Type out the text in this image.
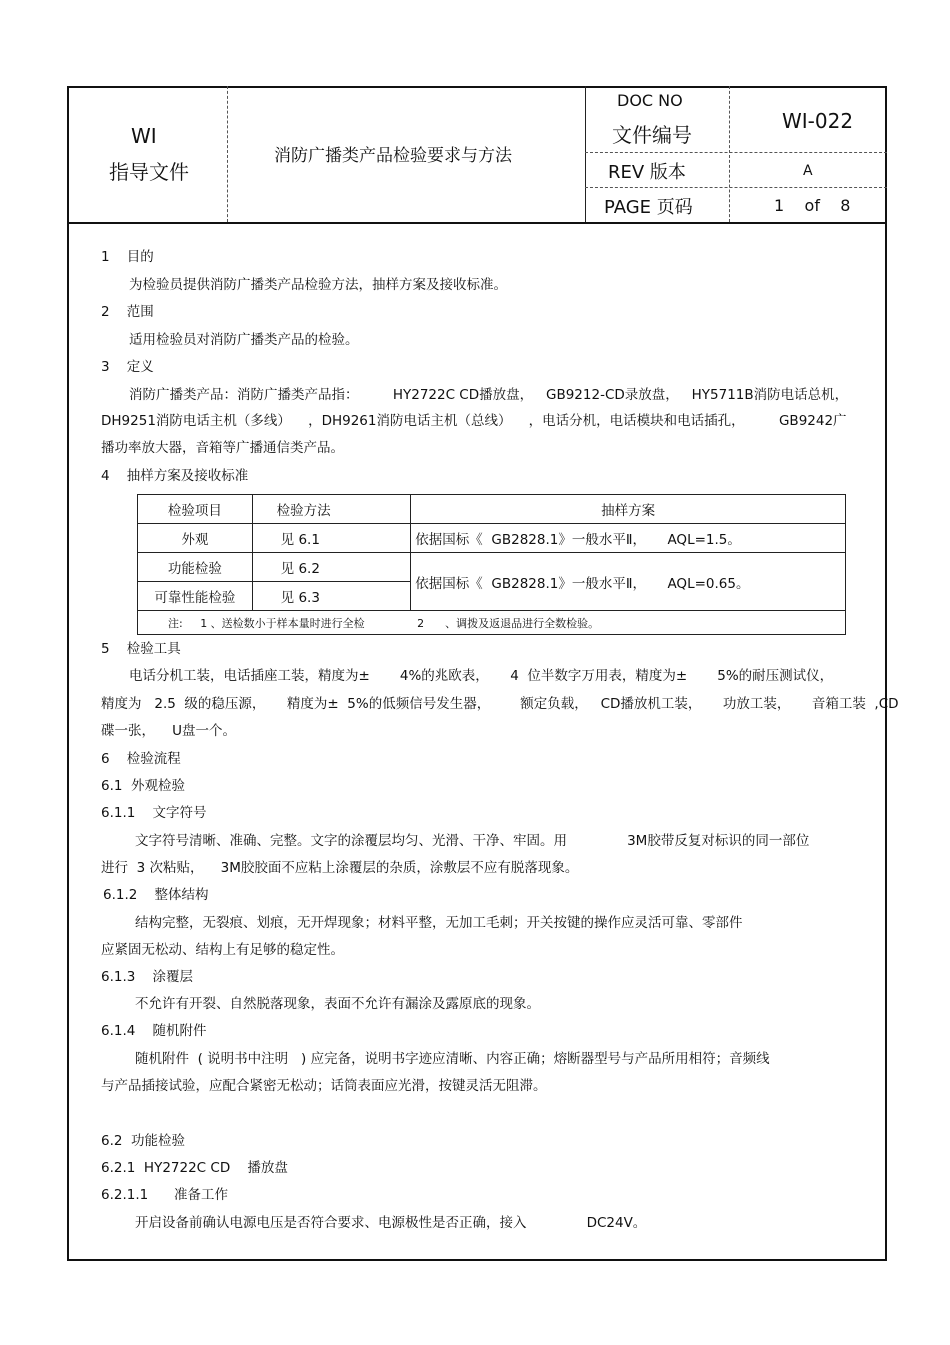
WI
指导文件
消防广播类产品检验要求与方法
DOC NO
文件编号
WI-022
REV 版本	A
PAGE 页码	1    of    8
1    目的
为检验员提供消防广播类产品检验方法，抽样方案及接收标准。
2    范围
适用检验员对消防广播类产品的检验。
3    定义
消防广播类产品：消防广播类产品指：        HY2722C CD播放盘，   GB9212-CD录放盘，   HY5711B消防电话总机，
DH9251消防电话主机（多线）    ，DH9261消防电话主机（总线）    ，电话分机，电话模块和电话插孔，        GB9242广
播功率放大器，音箱等广播通信类产品。
4    抽样方案及接收标准
检验项目	检验方法	抽样方案
外观	见 6.1	依据国标《  GB2828.1》一般水平Ⅱ，     AQL=1.5。
功能检验	见 6.2	依据国标《  GB2828.1》一般水平Ⅱ，     AQL=0.65。
可靠性能检验	见 6.3	
注:     1 、送检数小于样本量时进行全检               2      、调拨及返退品进行全数检验。		
5    检验工具
电话分机工装，电话插座工装，精度为±       4%的兆欧表，     4  位半数字万用表，精度为±       5%的耐压测试仪，
精度为   2.5  级的稳压源，     精度为±  5%的低频信号发生器，       额定负载，   CD播放机工装，     功放工装，     音箱工装  ,CD
碟一张，    U盘一个。
6    检验流程
6.1  外观检验
6.1.1    文字符号
文字符号清晰、准确、完整。文字的涂覆层均匀、光滑、干净、牢固。用              3M胶带反复对标识的同一部位
进行  3 次粘贴，    3M胶胶面不应粘上涂覆层的杂质，涂敷层不应有脱落现象。
6.1.2    整体结构
结构完整，无裂痕、划痕，无开焊现象；材料平整，无加工毛刺；开关按键的操作应灵活可靠、零部件
应紧固无松动、结构上有足够的稳定性。
6.1.3    涂覆层
不允许有开裂、自然脱落现象，表面不允许有漏涂及露原底的现象。
6.1.4    随机附件
随机附件  ( 说明书中注明   ) 应完备，说明书字迹应清晰、内容正确；熔断器型号与产品所用相符；音频线
与产品插接试验，应配合紧密无松动；话筒表面应光滑，按键灵活无阻滞。
6.2  功能检验
6.2.1  HY2722C CD    播放盘
6.2.1.1      准备工作
开启设备前确认电源电压是否符合要求、电源极性是否正确，接入              DC24V。
